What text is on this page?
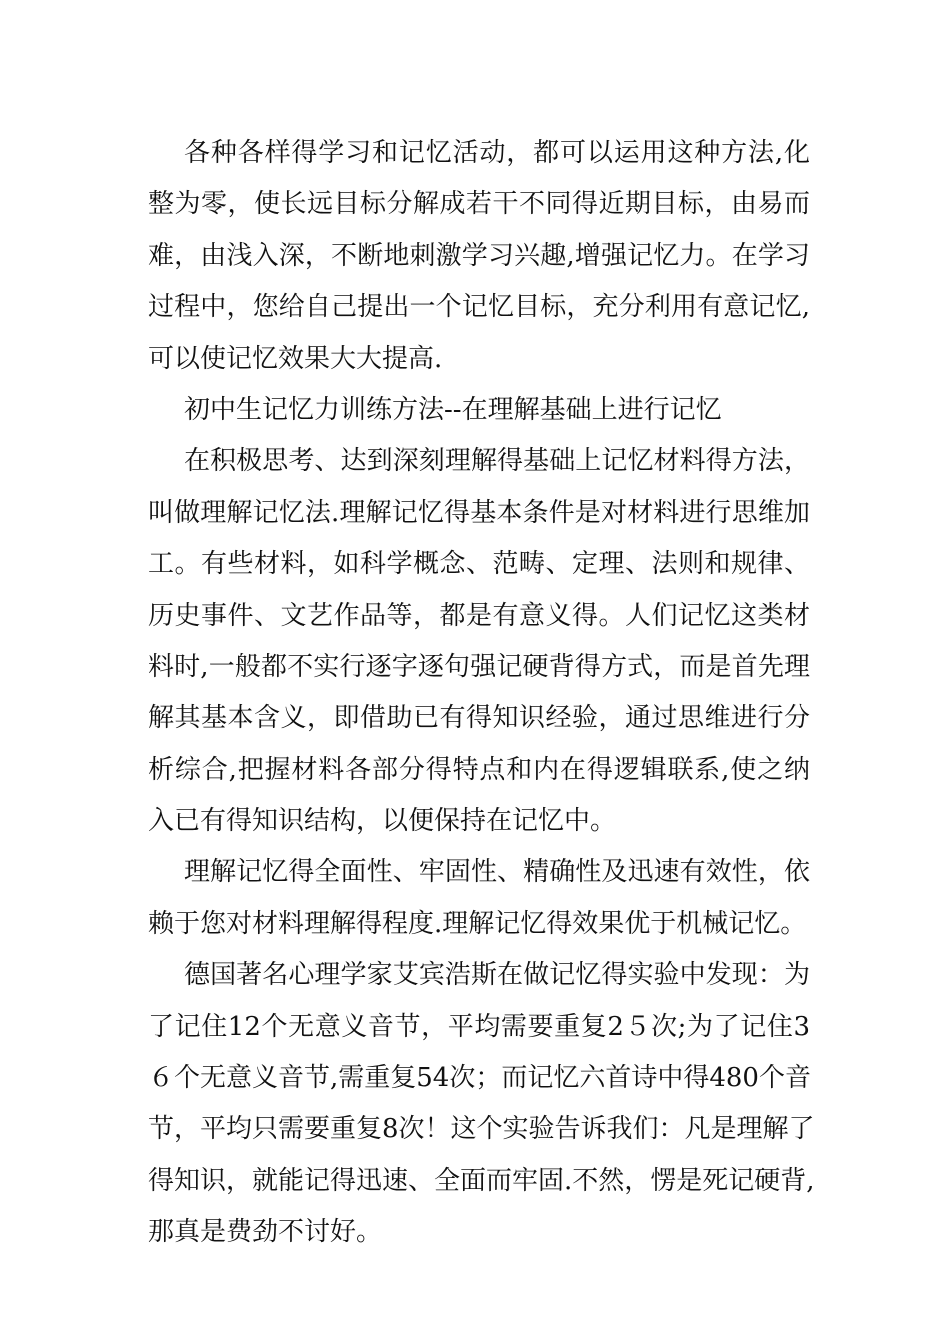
各种各样得学习和记忆活动，都可以运用这种方法,化
整为零，使长远目标分解成若干不同得近期目标，由易而
难，由浅入深，不断地刺激学习兴趣,增强记忆力。在学习
过程中，您给自己提出一个记忆目标，充分利用有意记忆,
可以使记忆效果大大提高.
初中生记忆力训练方法--在理解基础上进行记忆
在积极思考、达到深刻理解得基础上记忆材料得方法，
叫做理解记忆法.理解记忆得基本条件是对材料进行思维加
工。有些材料，如科学概念、范畴、定理、法则和规律、
历史事件、文艺作品等，都是有意义得。人们记忆这类材
料时,一般都不实行逐字逐句强记硬背得方式，而是首先理
解其基本含义，即借助已有得知识经验，通过思维进行分
析综合,把握材料各部分得特点和内在得逻辑联系,使之纳
入已有得知识结构，以便保持在记忆中。
理解记忆得全面性、牢固性、精确性及迅速有效性，依
赖于您对材料理解得程度.理解记忆得效果优于机械记忆。
德国著名心理学家艾宾浩斯在做记忆得实验中发现：为
了记住12个无意义音节，平均需要重复2５次;为了记住3
６个无意义音节,需重复54次；而记忆六首诗中得480个音
节，平均只需要重复8次！这个实验告诉我们：凡是理解了
得知识，就能记得迅速、全面而牢固.不然，愣是死记硬背,
那真是费劲不讨好。
